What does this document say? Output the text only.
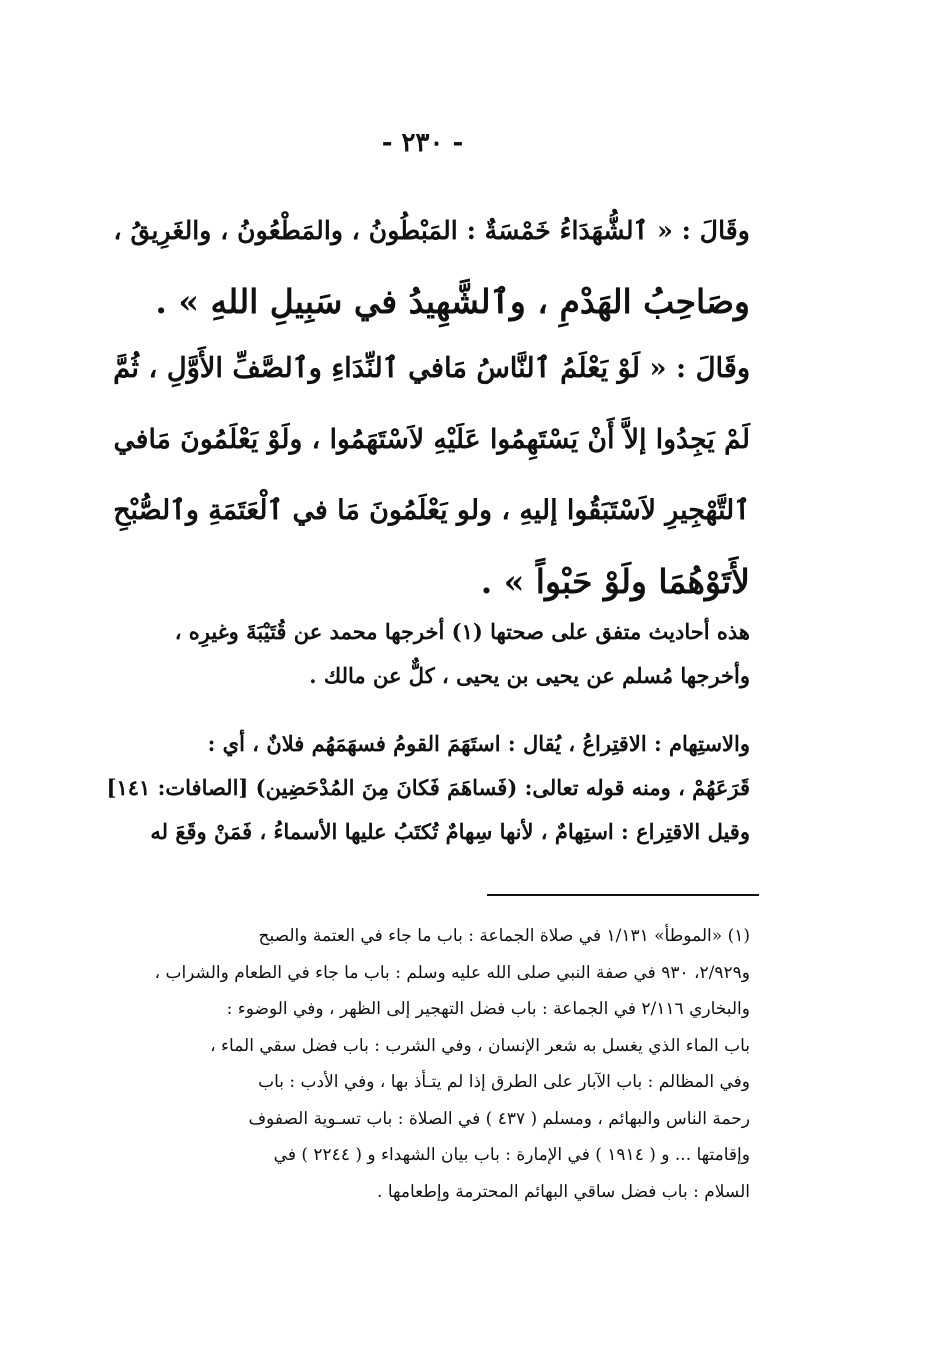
- ٢٣٠ -
وقَالَ : « ٱلشُّهَدَاءُ خَمْسَةٌ : المَبْطُونُ ، والمَطْعُونُ ، والغَرِيقُ ،
وصَاحِبُ الهَدْمِ ، وٱلشَّهِيدُ في سَبِيلِ اللهِ » .
وقَالَ : « لَوْ يَعْلَمُ ٱلنَّاسُ مَافي ٱلنِّدَاءِ وٱلصَّفِّ الأَوَّلِ ، ثُمَّ
لَمْ يَجِدُوا إلاَّ أَنْ يَسْتَهِمُوا عَلَيْهِ لاَسْتَهَمُوا ، ولَوْ يَعْلَمُونَ مَافي
ٱلتَّهْجِيرِ لاَسْتَبَقُوا إليهِ ، ولو يَعْلَمُونَ مَا في ٱلْعَتَمَةِ وٱلصُّبْحِ
لأَتَوْهُمَا ولَوْ حَبْواً » .
هذه أحاديث متفق على صحتها (١) أخرجها محمد عن قُتَيْبَةَ وغيرِه ،
وأخرجها مُسلم عن يحيى بن يحيى ، كلٌّ عن مالك .
والاستِهام : الاقتِراعُ ، يُقال : استَهَمَ القومُ فسهَمَهُم فلانٌ ، أي :
قَرَعَهُمْ ، ومنه قوله تعالى: (فَساهَمَ فَكانَ مِنَ المُدْحَضِين) [الصافات: ١٤١]
وقيل الاقتِراع : استِهامٌ ، لأنها سِهامٌ تُكتَبُ عليها الأسماءُ ، فَمَنْ وقَعَ له
(١) «الموطأ» ١/١٣١ في صلاة الجماعة : باب ما جاء في العتمة والصبح
و٢/٩٢٩، ٩٣٠ في صفة النبي صلى الله عليه وسلم : باب ما جاء في الطعام والشراب ،
والبخاري ٢/١١٦ في الجماعة : باب فضل التهجير إلى الظهر ، وفي الوضوء :
باب الماء الذي يغسل به شعر الإنسان ، وفي الشرب : باب فضل سقي الماء ،
وفي المظالم : باب الآبار على الطرق إذا لم يتـأذ بها ، وفي الأدب : باب
رحمة الناس والبهائم ، ومسلم ( ٤٣٧ ) في الصلاة : باب تسـوية الصفوف
وإقامتها ... و ( ١٩١٤ ) في الإمارة : باب بيان الشهداء و ( ٢٢٤٤ ) في
السلام : باب فضل ساقي البهائم المحترمة وإطعامها .
